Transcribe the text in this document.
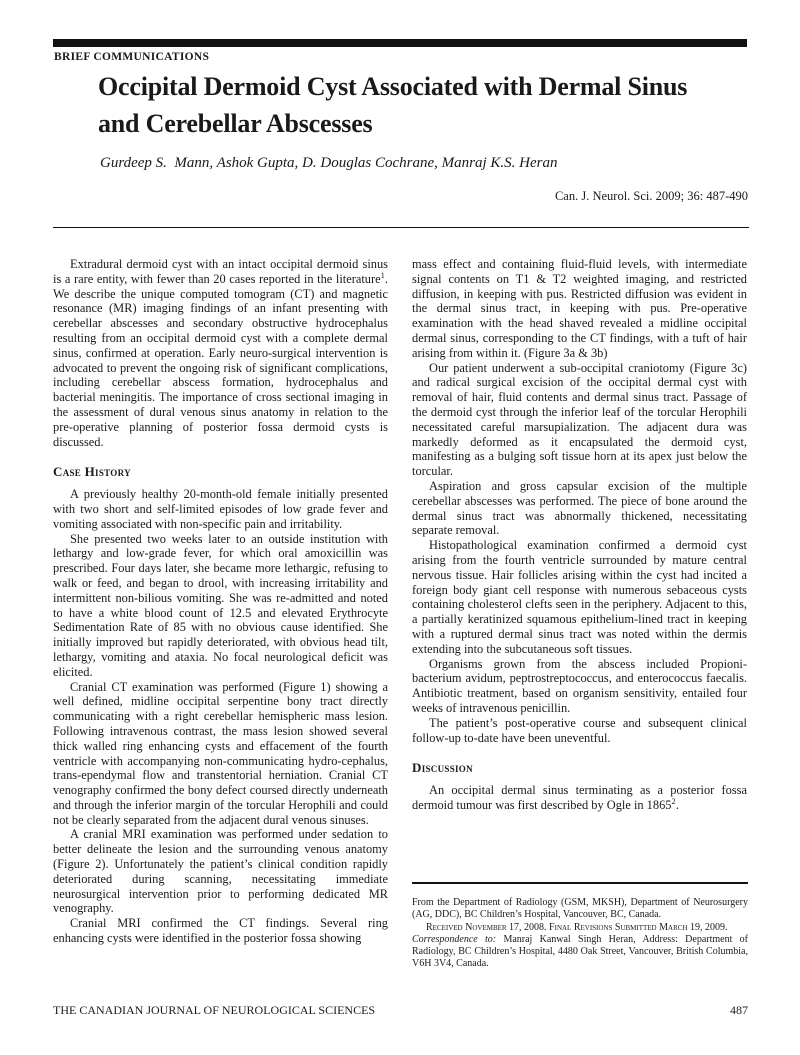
BRIEF COMMUNICATIONS
Occipital Dermoid Cyst Associated with Dermal Sinus and Cerebellar Abscesses
Gurdeep S.  Mann, Ashok Gupta, D. Douglas Cochrane, Manraj K.S. Heran
Can. J. Neurol. Sci. 2009; 36: 487-490

Extradural dermoid cyst with an intact occipital dermoid sinus is a rare entity, with fewer than 20 cases reported in the literature$^1$. We describe the unique computed tomogram (CT) and magnetic resonance (MR) imaging findings of an infant presenting with cerebellar abscesses and secondary obstructive hydrocephalus resulting from an occipital dermoid cyst with a complete dermal sinus, confirmed at operation. Early neuro-surgical intervention is advocated to prevent the ongoing risk of significant complications, including cerebellar abscess formation, hydrocephalus and bacterial meningitis. The importance of cross sectional imaging in the assessment of dural venous sinus anatomy in relation to the pre-operative planning of posterior fossa dermoid cysts is discussed.

Case History

A previously healthy 20-month-old female initially presented with two short and self-limited episodes of low grade fever and vomiting associated with non-specific pain and irritability.

She presented two weeks later to an outside institution with lethargy and low-grade fever, for which oral amoxicillin was prescribed. Four days later, she became more lethargic, refusing to walk or feed, and began to drool, with increasing irritability and intermittent non-bilious vomiting. She was re-admitted and noted to have a white blood count of 12.5 and elevated Erythrocyte Sedimentation Rate of 85 with no obvious cause identified. She initially improved but rapidly deteriorated, with obvious head tilt, lethargy, vomiting and ataxia. No focal neurological deficit was elicited.

Cranial CT examination was performed (Figure 1) showing a well defined, midline occipital serpentine bony tract directly communicating with a right cerebellar hemispheric mass lesion. Following intravenous contrast, the mass lesion showed several thick walled ring enhancing cysts and effacement of the fourth ventricle with accompanying non-communicating hydro-cephalus, trans-ependymal flow and transtentorial herniation. Cranial CT venography confirmed the bony defect coursed directly underneath and through the inferior margin of the torcular Herophili and could not be clearly separated from the adjacent dural venous sinuses.

A cranial MRI examination was performed under sedation to better delineate the lesion and the surrounding venous anatomy (Figure 2). Unfortunately the patient’s clinical condition rapidly deteriorated during scanning, necessitating immediate neurosurgical intervention prior to performing dedicated MR venography.

Cranial MRI confirmed the CT findings. Several ring enhancing cysts were identified in the posterior fossa showing

mass effect and containing fluid-fluid levels, with intermediate signal contents on T1 & T2 weighted imaging, and restricted diffusion, in keeping with pus. Restricted diffusion was evident in the dermal sinus tract, in keeping with pus. Pre-operative examination with the head shaved revealed a midline occipital dermal sinus, corresponding to the CT findings, with a tuft of hair arising from within it. (Figure 3a & 3b)

Our patient underwent a sub-occipital craniotomy (Figure 3c) and radical surgical excision of the occipital dermal cyst with removal of hair, fluid contents and dermal sinus tract. Passage of the dermoid cyst through the inferior leaf of the torcular Herophili necessitated careful marsupialization. The adjacent dura was markedly deformed as it encapsulated the dermoid cyst, manifesting as a bulging soft tissue horn at its apex just below the torcular.

Aspiration and gross capsular excision of the multiple cerebellar abscesses was performed. The piece of bone around the dermal sinus tract was abnormally thickened, necessitating separate removal.

Histopathological examination confirmed a dermoid cyst arising from the fourth ventricle surrounded by mature central nervous tissue. Hair follicles arising within the cyst had incited a foreign body giant cell response with numerous sebaceous cysts containing cholesterol clefts seen in the periphery. Adjacent to this, a partially keratinized squamous epithelium-lined tract in keeping with a ruptured dermal sinus tract was noted within the dermis extending into the subcutaneous soft tissues.

Organisms grown from the abscess included Propioni-bacterium avidum, peptrostreptococcus, and enterococcus faecalis. Antibiotic treatment, based on organism sensitivity, entailed four weeks of intravenous penicillin.

The patient’s post-operative course and subsequent clinical follow-up to-date have been uneventful.

Discussion

An occipital dermal sinus terminating as a posterior fossa dermoid tumour was first described by Ogle in 1865$^2$.

From the Department of Radiology (GSM, MKSH), Department of Neurosurgery (AG, DDC), BC Children’s Hospital, Vancouver, BC, Canada.

Received November 17, 2008. Final Revisions Submitted March 19, 2009.

Correspondence to: Manraj Kanwal Singh Heran, Address: Department of Radiology, BC Children’s Hospital, 4480 Oak Street, Vancouver, British Columbia, V6H 3V4, Canada.

THE CANADIAN JOURNAL OF NEUROLOGICAL SCIENCES	487
